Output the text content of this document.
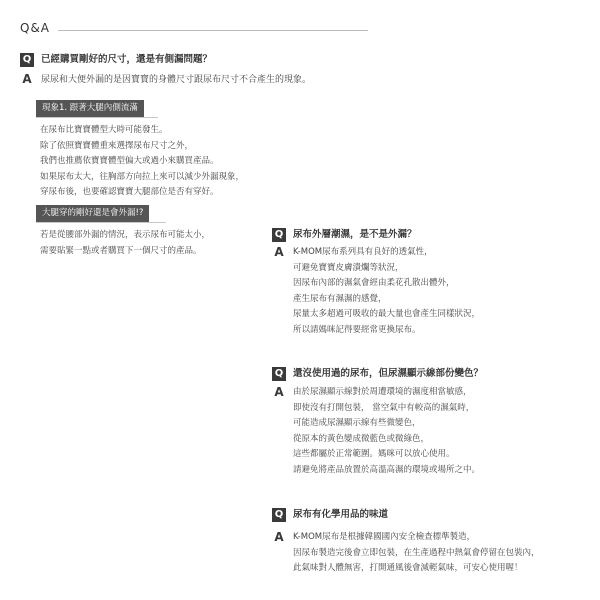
Q&A
Q 已經購買剛好的尺寸，還是有側漏問題？
A 尿尿和大便外漏的是因寶寶的身體尺寸跟尿布尺寸不合產生的現象。
現象1. 跟著大腿內側流滿

在尿布比寶寶體型大時可能發生。

除了依照寶寶體重來選擇尿布尺寸之外，

我們也推薦依寶寶體型偏大或過小來購買產品。

如果尿布太大，往胸部方向拉上來可以減少外漏現象，

穿尿布後，也要確認寶寶大腿部位是否有穿好。

大腿穿的剛好還是會外漏!?

若是從腰部外漏的情況，表示尿布可能太小，

需要貼緊一點或者購買下一個尺寸的產品。

Q 尿布外層潮濕，是不是外漏？
A K-MOM尿布系列具有良好的透氣性，

可避免寶寶皮膚潰爛等狀況，

因尿布內部的濕氣會經由柔花孔散出體外，

產生尿布有濕濕的感覺，

尿量太多超過可吸收的最大量也會產生同樣狀況，

所以請媽咪記得要經常更換尿布。

Q 還沒使用過的尿布，但尿濕顯示線部份變色？
A 由於尿濕顯示線對於周遭環境的濕度相當敏感，

即使沒有打開包裝， 當空氣中有較高的濕氣時，

可能造成尿濕顯示線有些微變色，

從原本的黃色變成微藍色或微綠色，

這些都屬於正常範圍。媽咪可以放心使用。

請避免將產品放置於高溫高濕的環境或場所之中。

Q 尿布有化學用品的味道
A K-MOM尿布是根據韓國國內安全檢查標準製造，

因尿布製造完後會立即包裝，在生產過程中熱氣會停留在包裝內，

此氣味對人體無害，打開通風後會減輕氣味，可安心使用喔！
